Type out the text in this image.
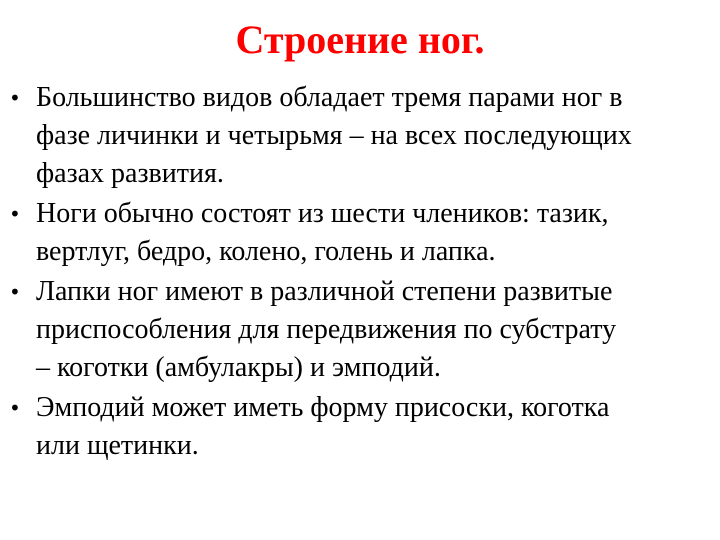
Строение ног.
• Большинство видов обладает тремя парами ног в
фазе личинки и четырьмя – на всех последующих
фазах развития.
• Ноги обычно состоят из шести члеников: тазик,
вертлуг, бедро, колено, голень и лапка.
• Лапки ног имеют в различной степени развитые
приспособления для передвижения по субстрату
– коготки (амбулакры) и эмподий.
• Эмподий может иметь форму присоски, коготка
или щетинки.
